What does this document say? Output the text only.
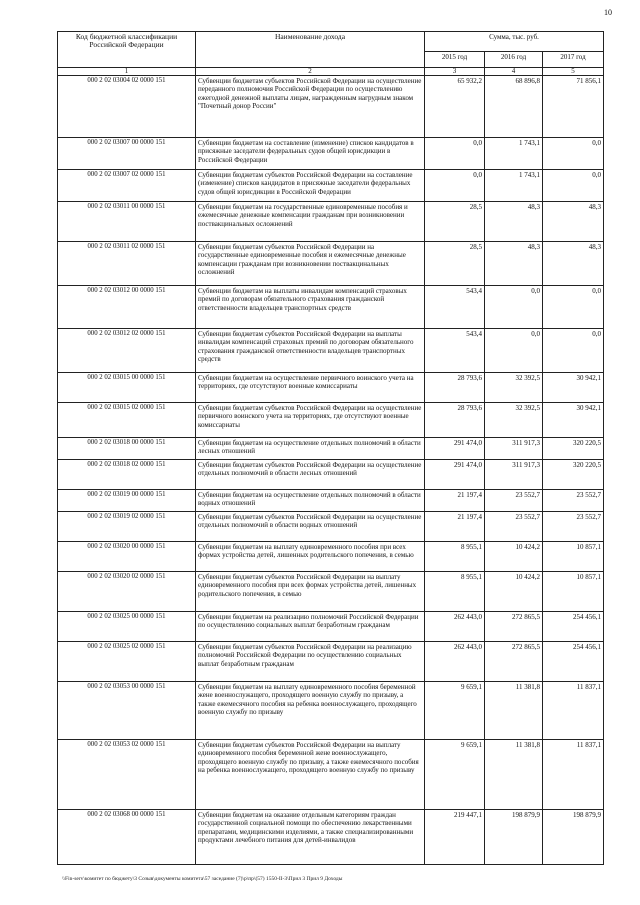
10
Код бюджетной классификации Российской Федерации	Наименование дохода	Сумма, тыс. руб.		
		2015 год	2016 год	2017 год
1	2	3	4	5
000 2 02 03004 02 0000 151	Субвенции бюджетам субъектов Российской Федерации на осуществление переданного полномочия Российской Федерации по осуществлению ежегодной денежной выплаты лицам, награжденным нагрудным знаком "Почетный донор России"	65 932,2	68 896,8	71 856,1
000 2 02 03007 00 0000 151	Субвенции бюджетам на составление (изменение) списков кандидатов в присяжные заседатели федеральных судов общей юрисдикции в Российской Федерации	0,0	1 743,1	0,0
000 2 02 03007 02 0000 151	Субвенции бюджетам субъектов Российской Федерации на составление (изменение) списков кандидатов в присяжные заседатели федеральных судов общей юрисдикции в Российской Федерации	0,0	1 743,1	0,0
000 2 02 03011 00 0000 151	Субвенции бюджетам на государственные единовременные пособия и ежемесячные денежные компенсации гражданам при возникновении поствакцинальных осложнений	28,5	48,3	48,3
000 2 02 03011 02 0000 151	Субвенции бюджетам субъектов Российской Федерации на государственные единовременные пособия и ежемесячные денежные компенсации гражданам при возникновении поствакцинальных осложнений	28,5	48,3	48,3
000 2 02 03012 00 0000 151	Субвенции бюджетам на выплаты инвалидам компенсаций страховых премий по договорам обязательного страхования гражданской ответственности владельцев транспортных средств	543,4	0,0	0,0
000 2 02 03012 02 0000 151	Субвенции бюджетам субъектов Российской Федерации на выплаты инвалидам компенсаций страховых премий по договорам обязательного страхования гражданской ответственности владельцев транспортных средств	543,4	0,0	0,0
000 2 02 03015 00 0000 151	Субвенции бюджетам на осуществление первичного воинского учета на территориях, где отсутствуют военные комиссариаты	28 793,6	32 392,5	30 942,1
000 2 02 03015 02 0000 151	Субвенции бюджетам субъектов Российской Федерации на осуществление первичного воинского учета на территориях, где отсутствуют военные комиссариаты	28 793,6	32 392,5	30 942,1
000 2 02 03018 00 0000 151	Субвенции бюджетам на осуществление отдельных полномочий в области лесных отношений	291 474,0	311 917,3	320 220,5
000 2 02 03018 02 0000 151	Субвенции бюджетам субъектов Российской Федерации на осуществление отдельных полномочий в области лесных отношений	291 474,0	311 917,3	320 220,5
000 2 02 03019 00 0000 151	Субвенции бюджетам на осуществление отдельных полномочий в области водных отношений	21 197,4	23 552,7	23 552,7
000 2 02 03019 02 0000 151	Субвенции бюджетам субъектов Российской Федерации на осуществление отдельных полномочий в области водных отношений	21 197,4	23 552,7	23 552,7
000 2 02 03020 00 0000 151	Субвенции бюджетам на выплату единовременного пособия при всех формах устройства детей, лишенных родительского попечения, в семью	8 955,1	10 424,2	10 857,1
000 2 02 03020 02 0000 151	Субвенции бюджетам субъектов Российской Федерации на выплату единовременного пособия при всех формах устройства детей, лишенных родительского попечения, в семью	8 955,1	10 424,2	10 857,1
000 2 02 03025 00 0000 151	Субвенции бюджетам на реализацию полномочий Российской Федерации по осуществлению социальных выплат безработным гражданам	262 443,0	272 865,5	254 456,1
000 2 02 03025 02 0000 151	Субвенции бюджетам субъектов Российской Федерации на реализацию полномочий Российской Федерации по осуществлению социальных выплат безработным гражданам	262 443,0	272 865,5	254 456,1
000 2 02 03053 00 0000 151	Субвенции бюджетам на выплату единовременного пособия беременной жене военнослужащего, проходящего военную службу по призыву, а также ежемесячного пособия на ребенка военнослужащего, проходящего военную службу по призыву	9 659,1	11 381,8	11 837,1
000 2 02 03053 02 0000 151	Субвенции бюджетам субъектов Российской Федерации на выплату единовременного пособия беременной жене военнослужащего, проходящего военную службу по призыву, а также ежемесячного пособия на ребенка военнослужащего, проходящего военную службу по призыву	9 659,1	11 381,8	11 837,1
000 2 02 03068 00 0000 151	Субвенции бюджетам на оказание отдельным категориям граждан государственной социальной помощи по обеспечению лекарственными препаратами, медицинскими изделиями, а также специализированными продуктами лечебного питания для детей-инвалидов	219 447,1	198 879,9	198 879,9
\\Fin-serv\комитет по бюджету\3 Созыв\документы комитета\57 заседание (7)\р\пр\(57) 1550-II-3\Прил 3 Прил 9 Доходы
